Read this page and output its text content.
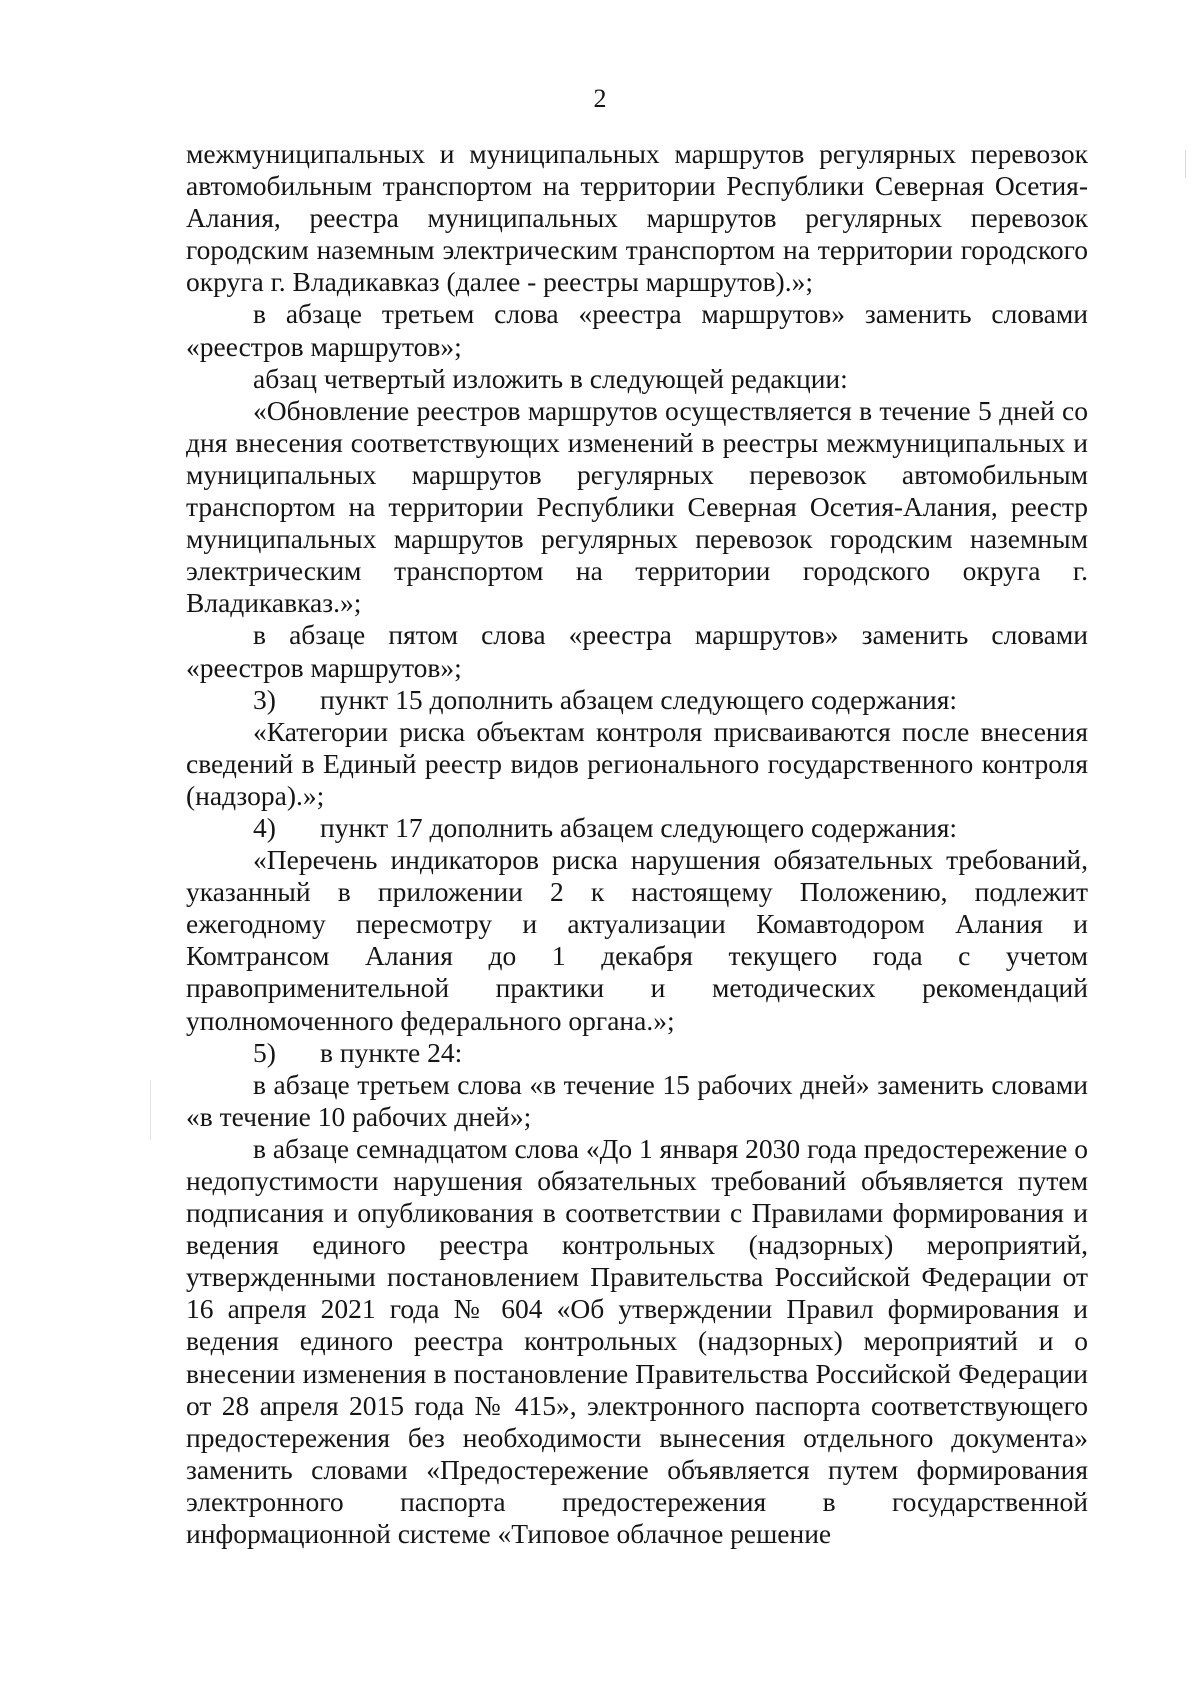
2

межмуниципальных и муниципальных маршрутов регулярных перевозок автомобильным транспортом на территории Республики Северная Осетия-Алания, реестра муниципальных маршрутов регулярных перевозок городским наземным электрическим транспортом на территории городского округа г. Владикавказ (далее - реестры маршрутов).»;

в абзаце третьем слова «реестра маршрутов» заменить словами «реестров маршрутов»;

абзац четвертый изложить в следующей редакции:

«Обновление реестров маршрутов осуществляется в течение 5 дней со дня внесения соответствующих изменений в реестры межмуниципальных и муниципальных маршрутов регулярных перевозок автомобильным транспортом на территории Республики Северная Осетия-Алания, реестр муниципальных маршрутов регулярных перевозок городским наземным электрическим транспортом на территории городского округа г. Владикавказ.»;

в абзаце пятом слова «реестра маршрутов» заменить словами «реестров маршрутов»;

3) пункт 15 дополнить абзацем следующего содержания:

«Категории риска объектам контроля присваиваются после внесения сведений в Единый реестр видов регионального государственного контроля (надзора).»;

4) пункт 17 дополнить абзацем следующего содержания:

«Перечень индикаторов риска нарушения обязательных требований, указанный в приложении 2 к настоящему Положению, подлежит ежегодному пересмотру и актуализации Комавтодором Алания и Комтрансом Алания до 1 декабря текущего года с учетом правоприменительной практики и методических рекомендаций уполномоченного федерального органа.»;

5) в пункте 24:

в абзаце третьем слова «в течение 15 рабочих дней» заменить словами «в течение 10 рабочих дней»;

в абзаце семнадцатом слова «До 1 января 2030 года предостережение о недопустимости нарушения обязательных требований объявляется путем подписания и опубликования в соответствии с Правилами формирования и ведения единого реестра контрольных (надзорных) мероприятий, утвержденными постановлением Правительства Российской Федерации от 16 апреля 2021 года № 604 «Об утверждении Правил формирования и ведения единого реестра контрольных (надзорных) мероприятий и о внесении изменения в постановление Правительства Российской Федерации от 28 апреля 2015 года № 415», электронного паспорта соответствующего предостережения без необходимости вынесения отдельного документа» заменить словами «Предостережение объявляется путем формирования электронного паспорта предостережения в государственной информационной системе «Типовое облачное решение
